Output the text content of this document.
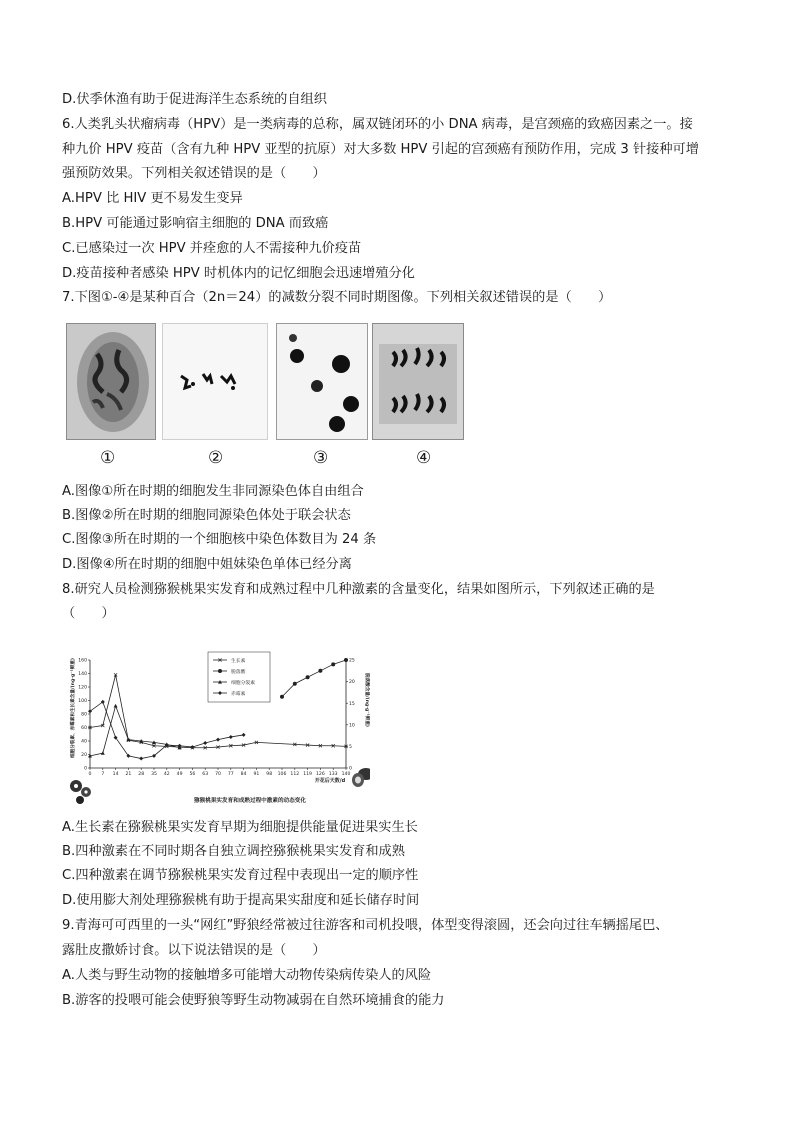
D.伏季休渔有助于促进海洋生态系统的自组织
6.人类乳头状瘤病毒（HPV）是一类病毒的总称，属双链闭环的小 DNA 病毒，是宫颈癌的致癌因素之一。接
种九价 HPV 疫苗（含有九种 HPV 亚型的抗原）对大多数 HPV 引起的宫颈癌有预防作用，完成 3 针接种可增
强预防效果。下列相关叙述错误的是（　　）
A.HPV 比 HIV 更不易发生变异
B.HPV 可能通过影响宿主细胞的 DNA 而致癌
C.已感染过一次 HPV 并痊愈的人不需接种九价疫苗
D.疫苗接种者感染 HPV 时机体内的记忆细胞会迅速增殖分化
7.下图①-④是某种百合（2n＝24）的减数分裂不同时期图像。下列相关叙述错误的是（　　）
①	②	③	④
A.图像①所在时期的细胞发生非同源染色体自由组合
B.图像②所在时期的细胞同源染色体处于联会状态
C.图像③所在时期的一个细胞核中染色体数目为 24 条
D.图像④所在时期的细胞中姐妹染色单体已经分离
8.研究人员检测猕猴桃果实发育和成熟过程中几种激素的含量变化，结果如图所示，下列叙述正确的是
（　　）
0 7 14 21 28 35 42 49 56 63 70 77 84 91 98 106 112 119 126 133 140
0
20
40
60
80
100
120
140
160
0
5
10
15
20
25
生长素
脱落酸
细胞分裂素
赤霉素
开花后天数/d
细胞分裂素、赤霉素和生长素含量/(ng·g⁻¹鲜重)	脱落酸含量/(ng·g⁻¹鲜重)
猕猴桃果实发育和成熟过程中激素的动态变化
A.生长素在猕猴桃果实发育早期为细胞提供能量促进果实生长
B.四种激素在不同时期各自独立调控猕猴桃果实发育和成熟
C.四种激素在调节猕猴桃果实发育过程中表现出一定的顺序性
D.使用膨大剂处理猕猴桃有助于提高果实甜度和延长储存时间
9.青海可可西里的一头“网红”野狼经常被过往游客和司机投喂，体型变得滚圆，还会向过往车辆摇尾巴、
露肚皮撒娇讨食。以下说法错误的是（　　）
A.人类与野生动物的接触增多可能增大动物传染病传染人的风险
B.游客的投喂可能会使野狼等野生动物减弱在自然环境捕食的能力
